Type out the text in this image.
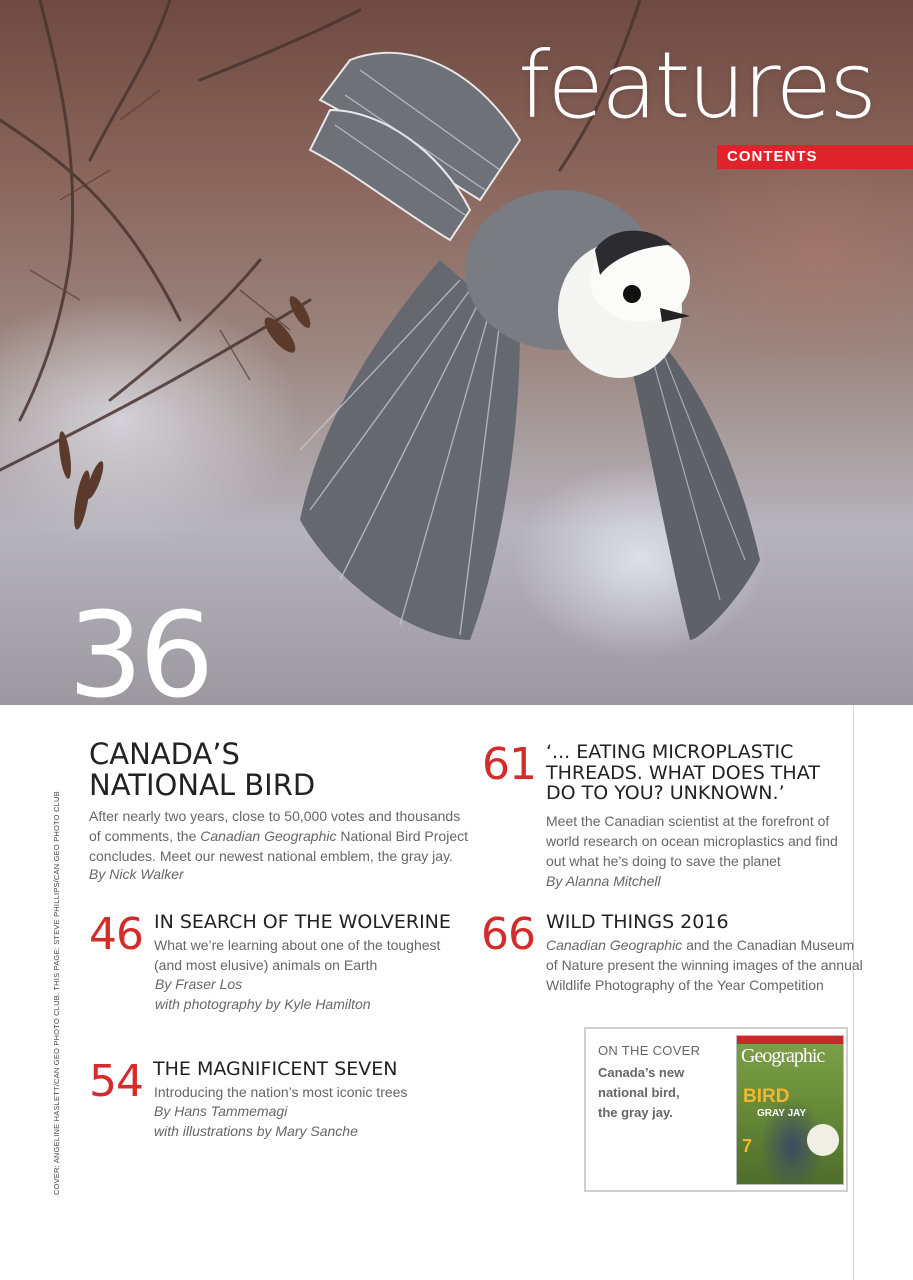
features
CONTENTS
36
COVER: ANGELINE HASLETT/CAN GEO PHOTO CLUB. THIS PAGE: STEVE PHILLIPS/CAN GEO PHOTO CLUB
CANADA’S
NATIONAL BIRD
After nearly two years, close to 50,000 votes and thousands
of comments, the Canadian Geographic National Bird Project
concludes. Meet our newest national emblem, the gray jay.
By Nick Walker
46 IN SEARCH OF THE WOLVERINE
What we’re learning about one of the toughest
(and most elusive) animals on Earth
By Fraser Los
with photography by Kyle Hamilton
54 THE MAGNIFICENT SEVEN
Introducing the nation’s most iconic trees
By Hans Tammemagi
with illustrations by Mary Sanche
61 ‘... EATING MICROPLASTIC
THREADS. WHAT DOES THAT
DO TO YOU? UNKNOWN.’
Meet the Canadian scientist at the forefront of
world research on ocean microplastics and find
out what he’s doing to save the planet
By Alanna Mitchell
66 WILD THINGS 2016
Canadian Geographic and the Canadian Museum
of Nature present the winning images of the annual
Wildlife Photography of the Year Competition
ON THE COVER
Canada’s new
national bird,
the gray jay.
Geographic
BIRD
GRAY JAY
7
